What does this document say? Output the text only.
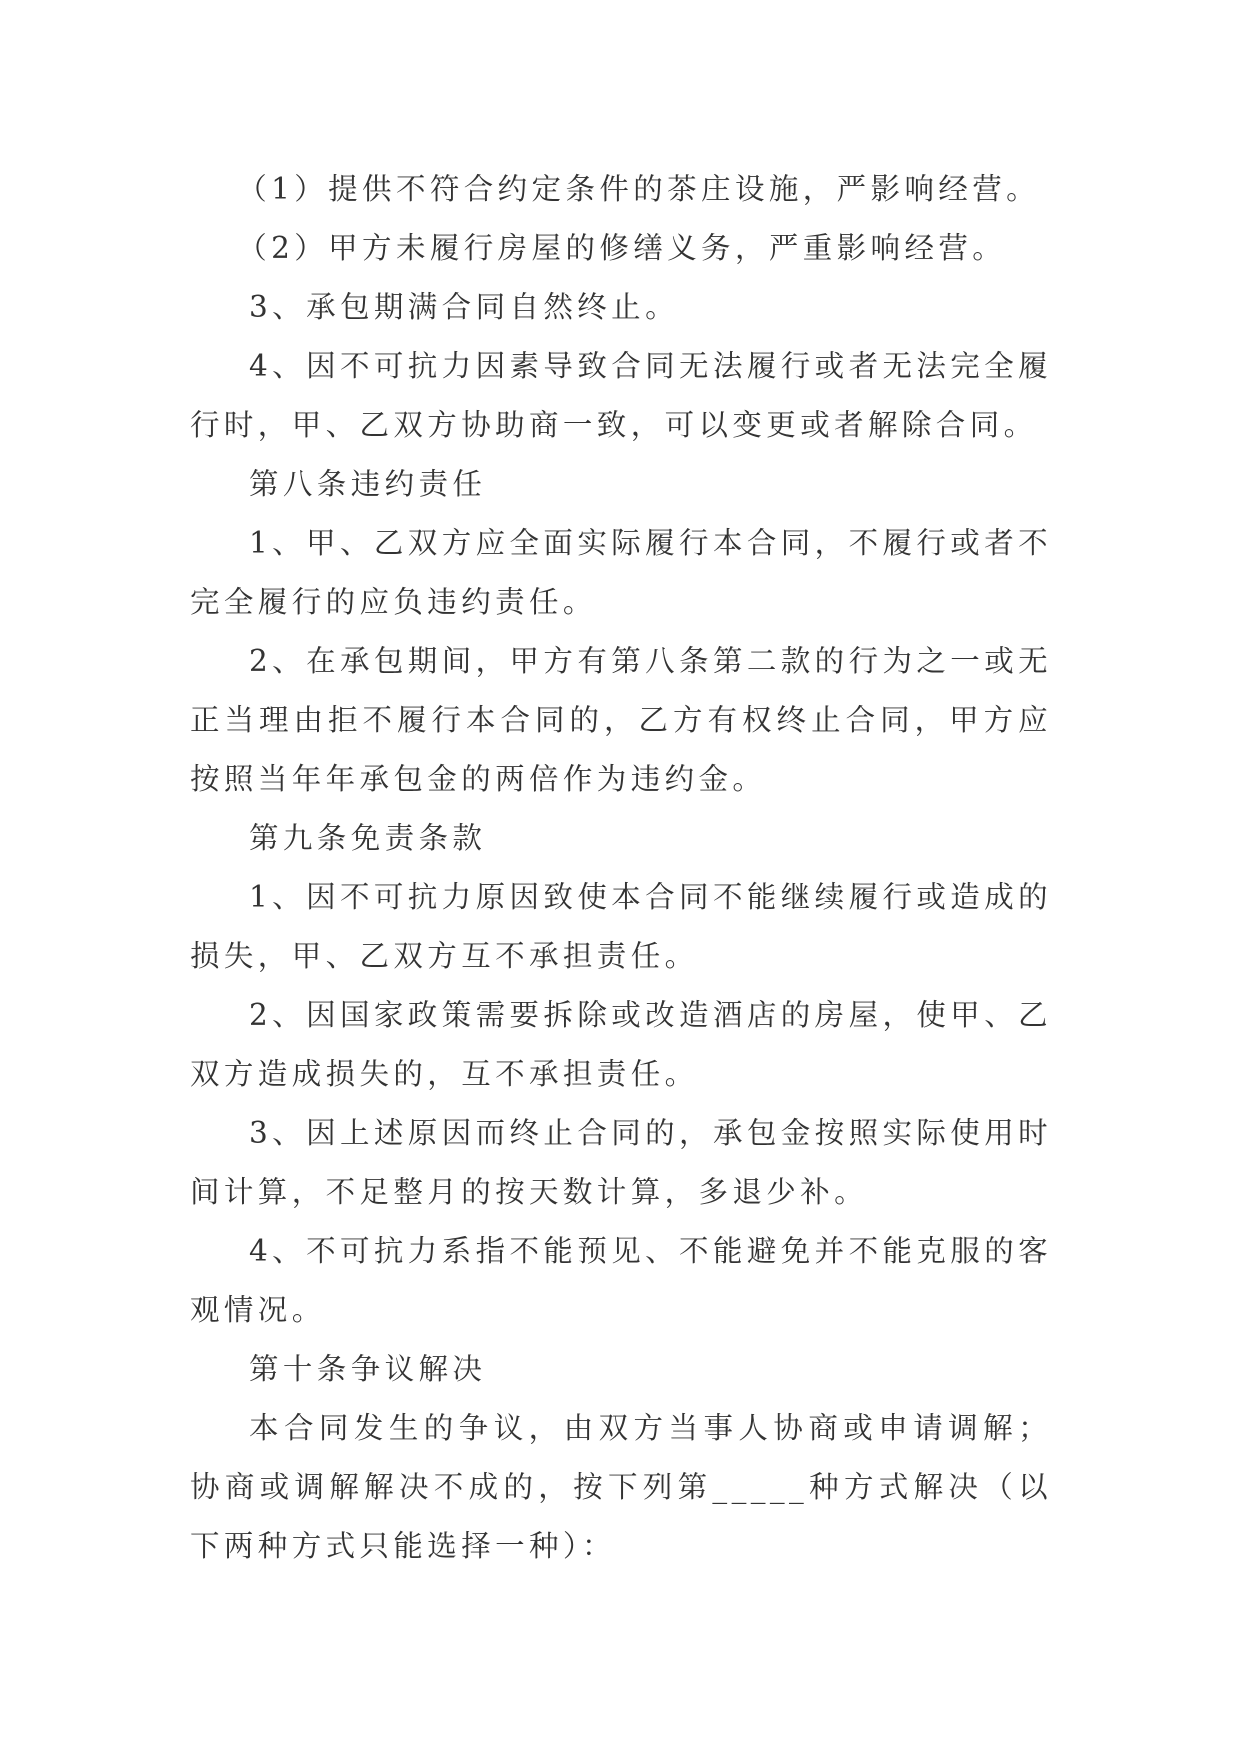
（1）提供不符合约定条件的茶庄设施，严影响经营。

（2）甲方未履行房屋的修缮义务，严重影响经营。

3、承包期满合同自然终止。

4、因不可抗力因素导致合同无法履行或者无法完全履行时，甲、乙双方协助商一致，可以变更或者解除合同。

第八条违约责任

1、甲、乙双方应全面实际履行本合同，不履行或者不完全履行的应负违约责任。

2、在承包期间，甲方有第八条第二款的行为之一或无正当理由拒不履行本合同的，乙方有权终止合同，甲方应按照当年年承包金的两倍作为违约金。

第九条免责条款

1、因不可抗力原因致使本合同不能继续履行或造成的损失，甲、乙双方互不承担责任。

2、因国家政策需要拆除或改造酒店的房屋，使甲、乙双方造成损失的，互不承担责任。

3、因上述原因而终止合同的，承包金按照实际使用时间计算，不足整月的按天数计算，多退少补。

4、不可抗力系指不能预见、不能避免并不能克服的客观情况。

第十条争议解决

本合同发生的争议，由双方当事人协商或申请调解；协商或调解解决不成的，按下列第_____种方式解决（以下两种方式只能选择一种）：
